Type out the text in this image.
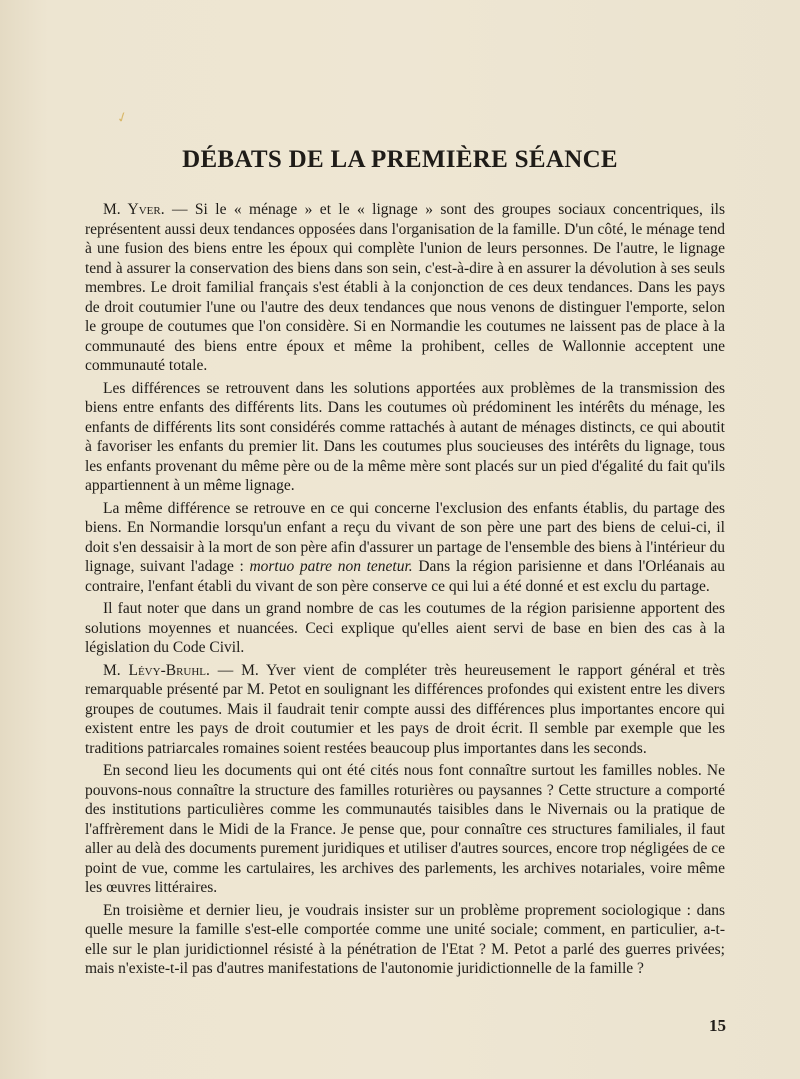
✓
DÉBATS DE LA PREMIÈRE SÉANCE

M. Yver. — Si le « ménage » et le « lignage » sont des groupes sociaux concentriques, ils représentent aussi deux tendances opposées dans l'organisation de la famille. D'un côté, le ménage tend à une fusion des biens entre les époux qui complète l'union de leurs personnes. De l'autre, le lignage tend à assurer la conservation des biens dans son sein, c'est-à-dire à en assurer la dévolution à ses seuls membres. Le droit familial français s'est établi à la conjonction de ces deux tendances. Dans les pays de droit coutumier l'une ou l'autre des deux tendances que nous venons de distinguer l'emporte, selon le groupe de coutumes que l'on considère. Si en Normandie les coutumes ne laissent pas de place à la communauté des biens entre époux et même la prohibent, celles de Wallonnie acceptent une communauté totale.

Les différences se retrouvent dans les solutions apportées aux problèmes de la transmission des biens entre enfants des différents lits. Dans les coutumes où prédominent les intérêts du ménage, les enfants de différents lits sont considérés comme rattachés à autant de ménages distincts, ce qui aboutit à favoriser les enfants du premier lit. Dans les coutumes plus soucieuses des intérêts du lignage, tous les enfants provenant du même père ou de la même mère sont placés sur un pied d'égalité du fait qu'ils appartiennent à un même lignage.

La même différence se retrouve en ce qui concerne l'exclusion des enfants établis, du partage des biens. En Normandie lorsqu'un enfant a reçu du vivant de son père une part des biens de celui-ci, il doit s'en dessaisir à la mort de son père afin d'assurer un partage de l'ensemble des biens à l'intérieur du lignage, suivant l'adage : mortuo patre non tenetur. Dans la région parisienne et dans l'Orléanais au contraire, l'enfant établi du vivant de son père conserve ce qui lui a été donné et est exclu du partage.

Il faut noter que dans un grand nombre de cas les coutumes de la région parisienne apportent des solutions moyennes et nuancées. Ceci explique qu'elles aient servi de base en bien des cas à la législation du Code Civil.

M. Lévy-Bruhl. — M. Yver vient de compléter très heureusement le rapport général et très remarquable présenté par M. Petot en soulignant les différences profondes qui existent entre les divers groupes de coutumes. Mais il faudrait tenir compte aussi des différences plus importantes encore qui existent entre les pays de droit coutumier et les pays de droit écrit. Il semble par exemple que les traditions patriarcales romaines soient restées beaucoup plus importantes dans les seconds.

En second lieu les documents qui ont été cités nous font connaître surtout les familles nobles. Ne pouvons-nous connaître la structure des familles roturières ou paysannes ? Cette structure a comporté des institutions particulières comme les communautés taisibles dans le Nivernais ou la pratique de l'affrèrement dans le Midi de la France. Je pense que, pour connaître ces structures familiales, il faut aller au delà des documents purement juridiques et utiliser d'autres sources, encore trop négligées de ce point de vue, comme les cartulaires, les archives des parlements, les archives notariales, voire même les œuvres littéraires.

En troisième et dernier lieu, je voudrais insister sur un problème proprement sociologique : dans quelle mesure la famille s'est-elle comportée comme une unité sociale; comment, en particulier, a-t-elle sur le plan juridictionnel résisté à la pénétration de l'Etat ? M. Petot a parlé des guerres privées; mais n'existe-t-il pas d'autres manifestations de l'autonomie juridictionnelle de la famille ?

15
